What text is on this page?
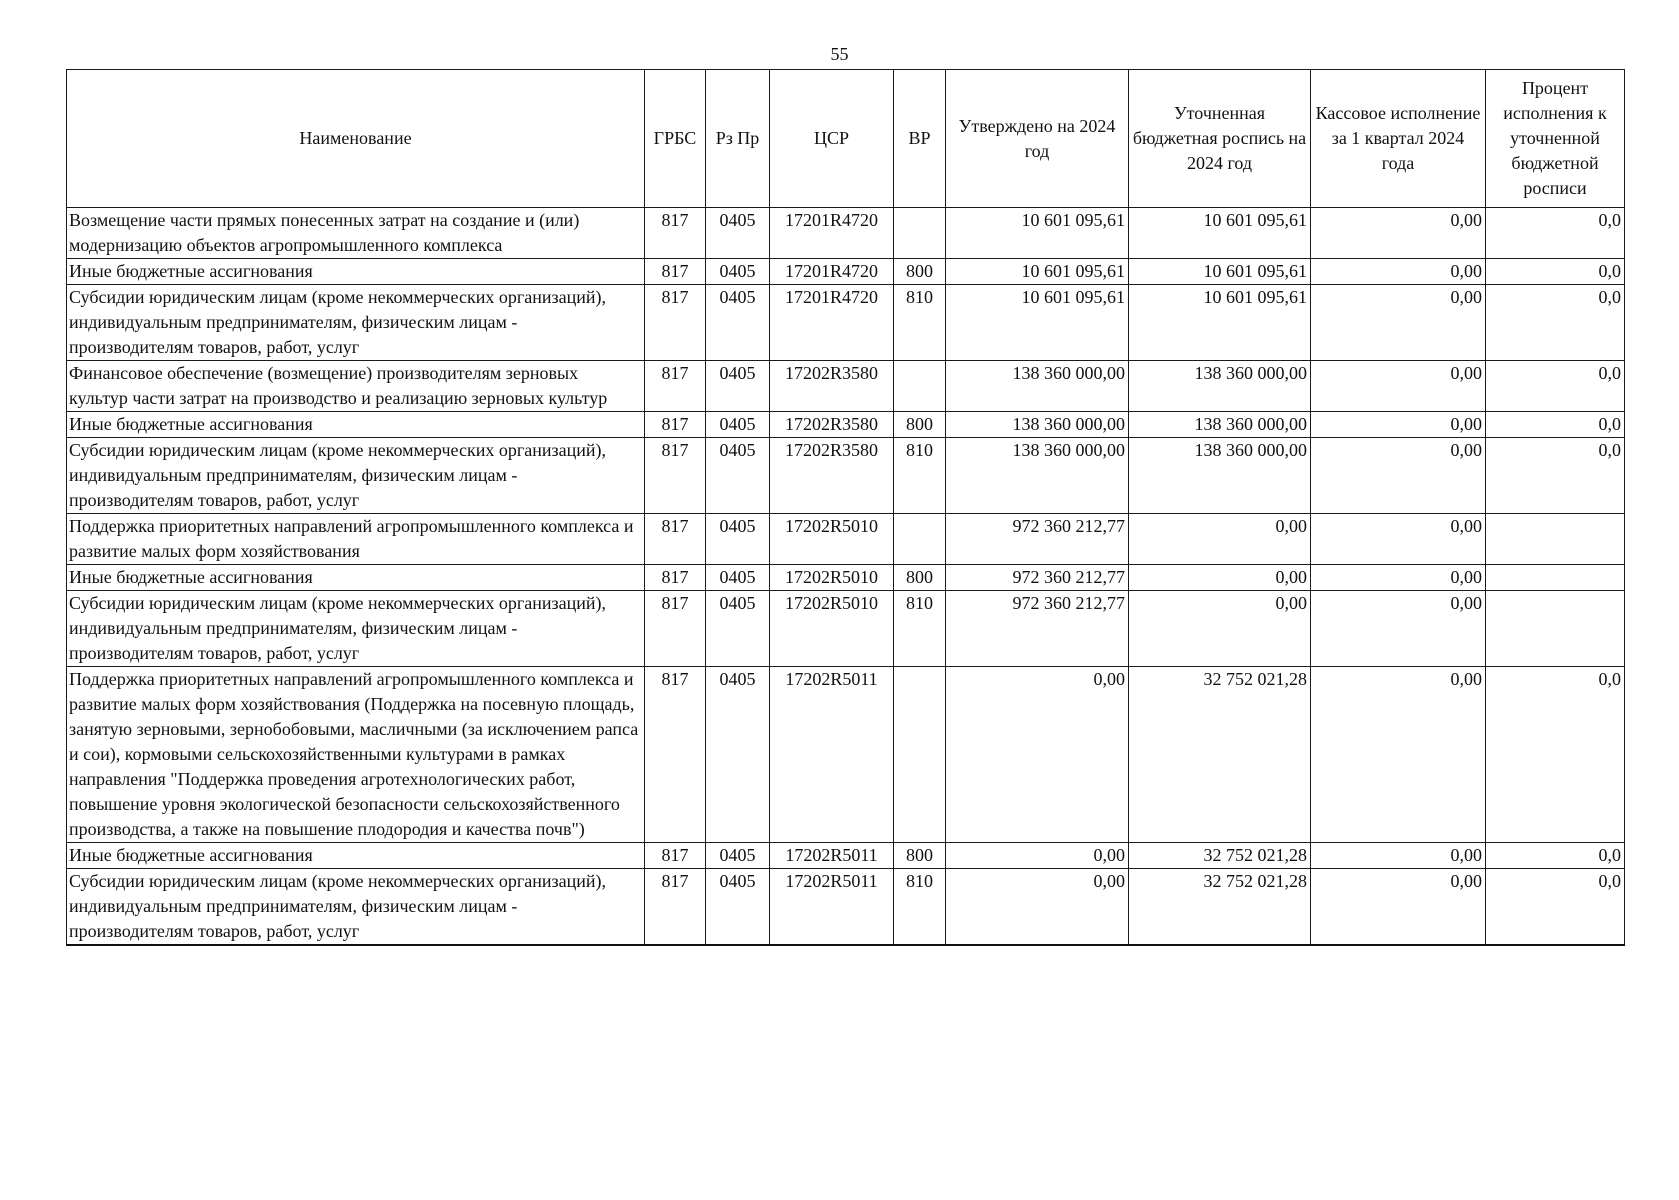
55
Наименование	ГРБС	Рз Пр	ЦСР	ВР	Утверждено на 2024 год	Уточненная бюджетная роспись на 2024 год	Кассовое исполнение за 1 квартал 2024 года	Процент исполнения к уточненной бюджетной росписи
Возмещение части прямых понесенных затрат на создание и (или) модернизацию объектов агропромышленного комплекса	817	0405	17201R4720		10 601 095,61	10 601 095,61	0,00	0,0
Иные бюджетные ассигнования	817	0405	17201R4720	800	10 601 095,61	10 601 095,61	0,00	0,0
Субсидии юридическим лицам (кроме некоммерческих организаций), индивидуальным предпринимателям, физическим лицам - производителям товаров, работ, услуг	817	0405	17201R4720	810	10 601 095,61	10 601 095,61	0,00	0,0
Финансовое обеспечение (возмещение) производителям зерновых культур части затрат на производство и реализацию зерновых культур	817	0405	17202R3580		138 360 000,00	138 360 000,00	0,00	0,0
Иные бюджетные ассигнования	817	0405	17202R3580	800	138 360 000,00	138 360 000,00	0,00	0,0
Субсидии юридическим лицам (кроме некоммерческих организаций), индивидуальным предпринимателям, физическим лицам - производителям товаров, работ, услуг	817	0405	17202R3580	810	138 360 000,00	138 360 000,00	0,00	0,0
Поддержка приоритетных направлений агропромышленного комплекса и развитие малых форм хозяйствования	817	0405	17202R5010		972 360 212,77	0,00	0,00	
Иные бюджетные ассигнования	817	0405	17202R5010	800	972 360 212,77	0,00	0,00	
Субсидии юридическим лицам (кроме некоммерческих организаций), индивидуальным предпринимателям, физическим лицам - производителям товаров, работ, услуг	817	0405	17202R5010	810	972 360 212,77	0,00	0,00	
Поддержка приоритетных направлений агропромышленного комплекса и развитие малых форм хозяйствования (Поддержка на посевную площадь, занятую зерновыми, зернобобовыми, масличными (за исключением рапса и сои), кормовыми сельскохозяйственными культурами в рамках направления "Поддержка проведения агротехнологических работ, повышение уровня экологической безопасности сельскохозяйственного производства, а также на повышение плодородия и качества почв")	817	0405	17202R5011		0,00	32 752 021,28	0,00	0,0
Иные бюджетные ассигнования	817	0405	17202R5011	800	0,00	32 752 021,28	0,00	0,0
Субсидии юридическим лицам (кроме некоммерческих организаций), индивидуальным предпринимателям, физическим лицам - производителям товаров, работ, услуг	817	0405	17202R5011	810	0,00	32 752 021,28	0,00	0,0
